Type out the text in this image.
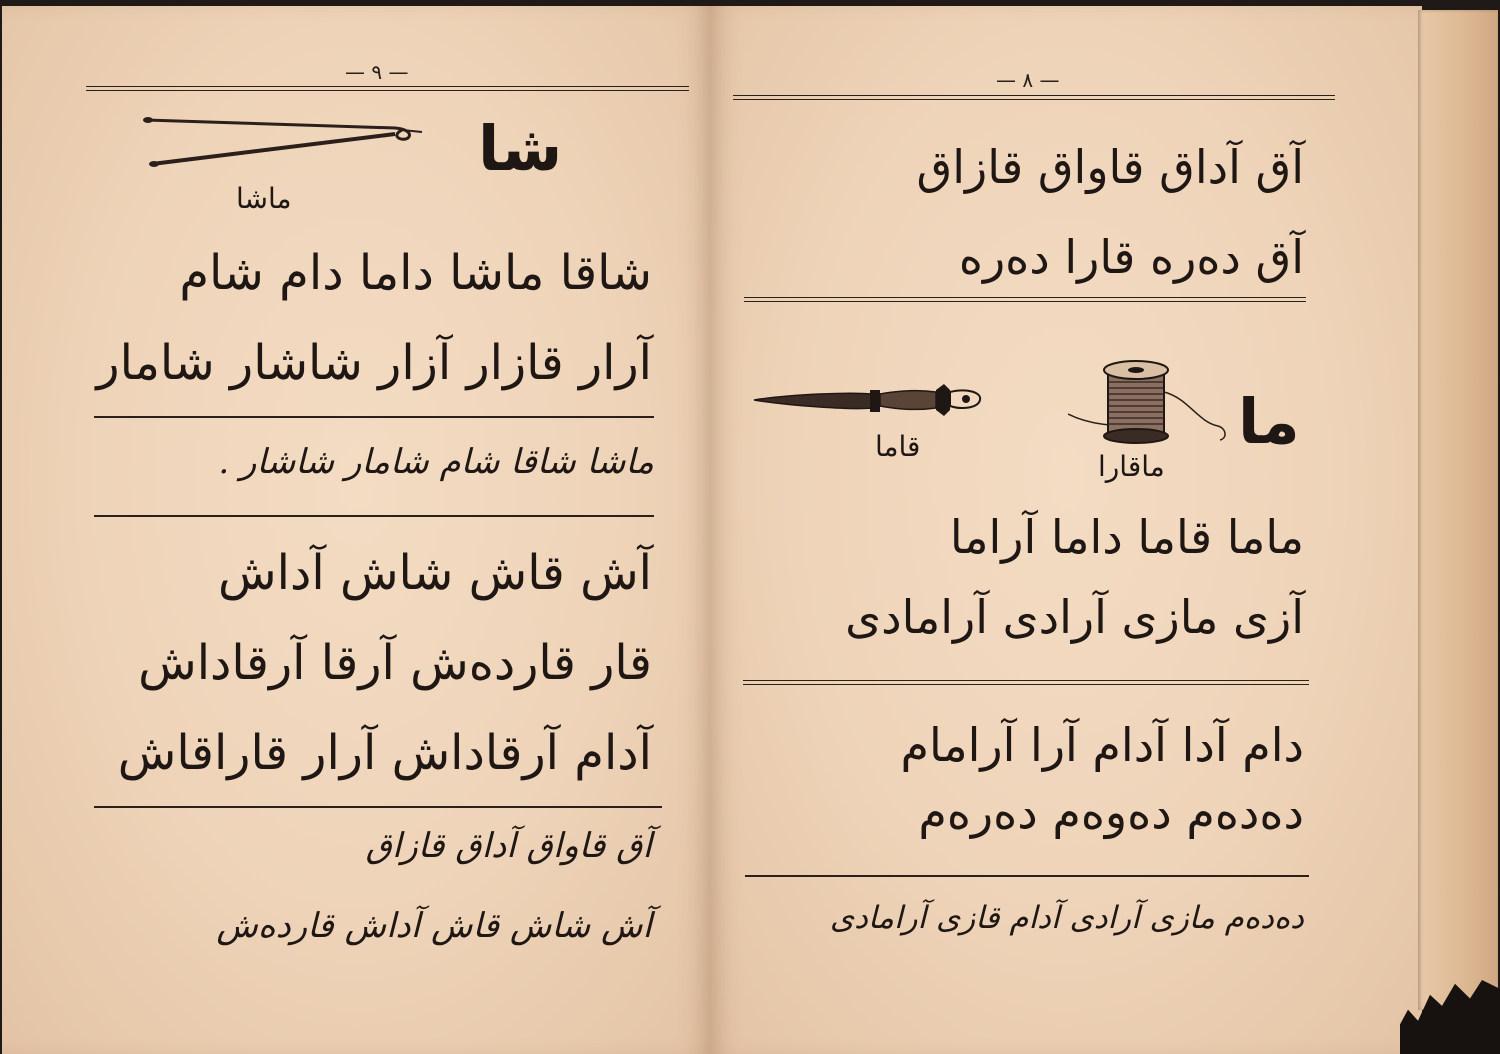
— ۹ —
شا
ماشا
شاقا ماشا داما دام شام
آرار قازار آزار شاشار شامار
ماشا شاقا شام شامار شاشار .
آش قاش شاش آداش
قار قاردەش آرقا آرقاداش
آدام آرقاداش آرار قاراقاش
آق قاواق آداق قازاق
آش شاش قاش آداش قاردەش
— ۸ —
آق آداق قاواق قازاق
آق دەرە قارا دەرە
ما
ماقارا
قاما
ماما قاما داما آراما
آزی مازی آرادی آرامادی
دام آدا آدام آرا آرامام
دەدەم دەوەم دەرەم
دەدەم مازی آرادی آدام قازی آرامادی
